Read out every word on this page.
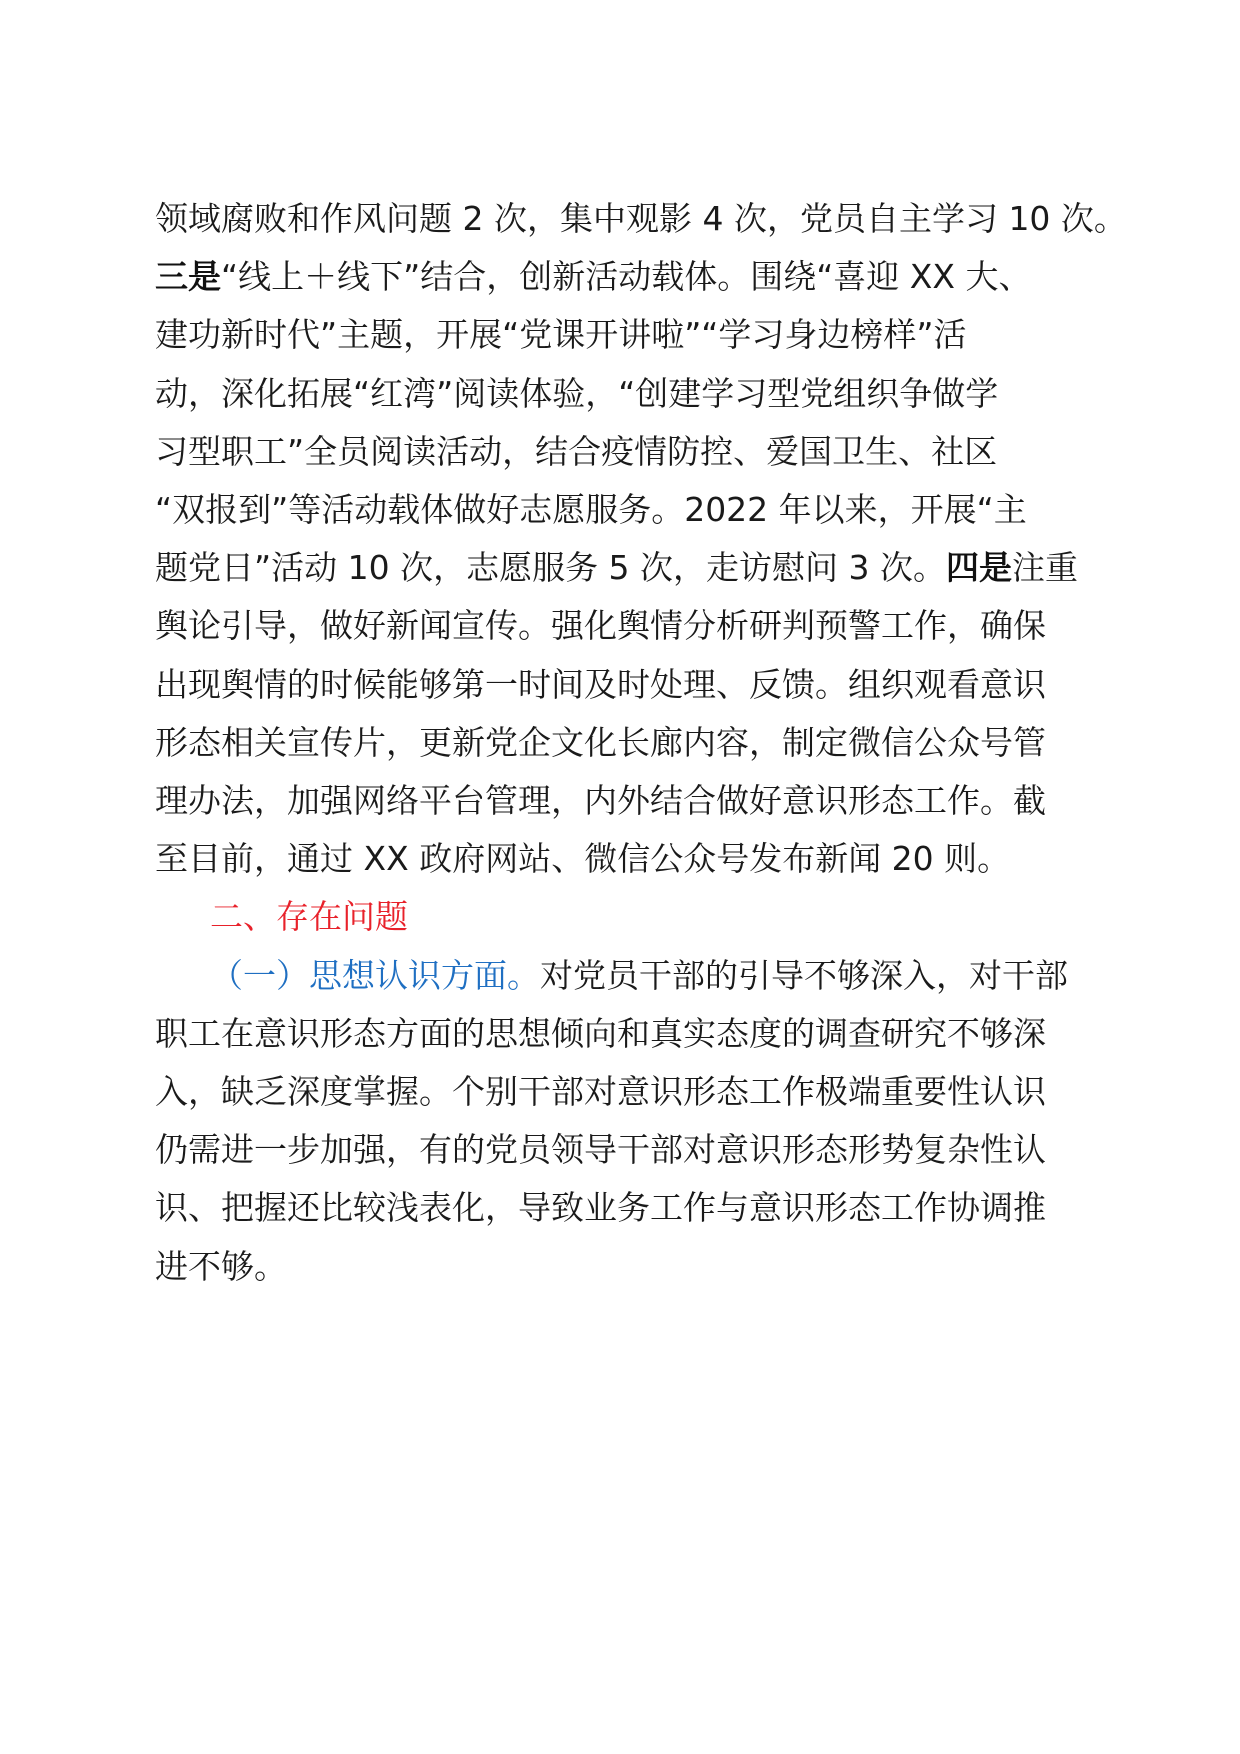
领域腐败和作风问题 2 次，集中观影 4 次，党员自主学习 10 次。
三是“线上＋线下”结合，创新活动载体。围绕“喜迎 XX 大、
建功新时代”主题，开展“党课开讲啦”“学习身边榜样”活
动，深化拓展“红湾”阅读体验，“创建学习型党组织争做学
习型职工”全员阅读活动，结合疫情防控、爱国卫生、社区
“双报到”等活动载体做好志愿服务。2022 年以来，开展“主
题党日”活动 10 次，志愿服务 5 次，走访慰问 3 次。四是注重
舆论引导，做好新闻宣传。强化舆情分析研判预警工作，确保
出现舆情的时候能够第一时间及时处理、反馈。组织观看意识
形态相关宣传片，更新党企文化长廊内容，制定微信公众号管
理办法，加强网络平台管理，内外结合做好意识形态工作。截
至目前，通过 XX 政府网站、微信公众号发布新闻 20 则。
二、存在问题
（一）思想认识方面。对党员干部的引导不够深入，对干部
职工在意识形态方面的思想倾向和真实态度的调查研究不够深
入，缺乏深度掌握。个别干部对意识形态工作极端重要性认识
仍需进一步加强，有的党员领导干部对意识形态形势复杂性认
识、把握还比较浅表化，导致业务工作与意识形态工作协调推
进不够。
